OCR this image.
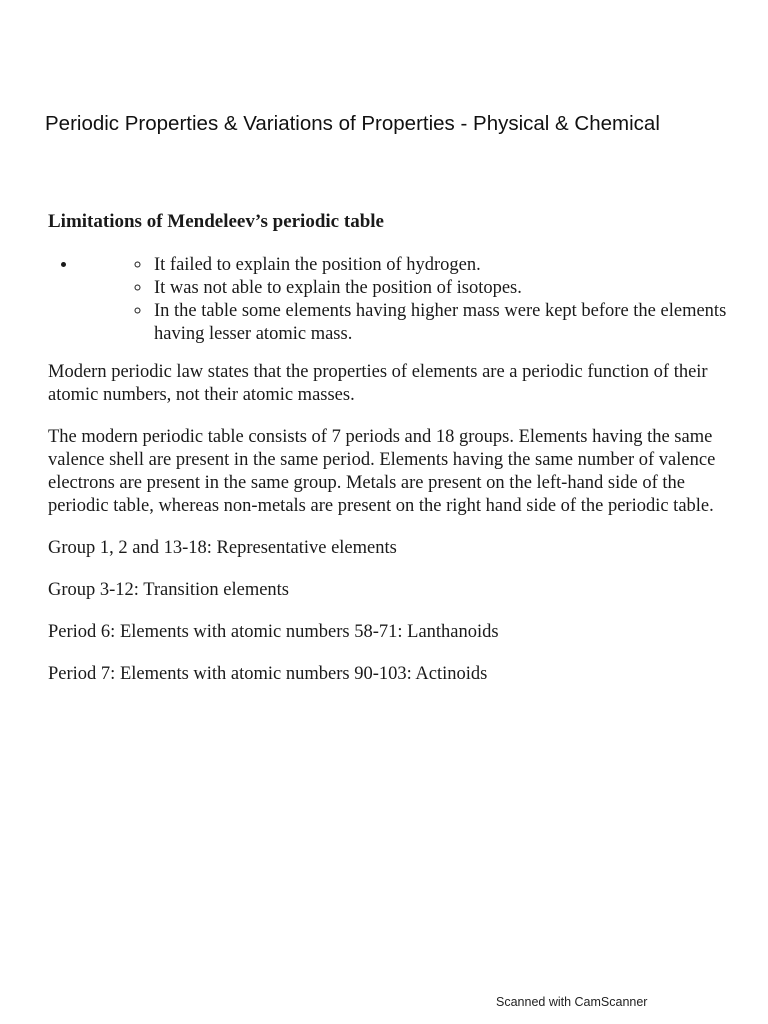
Periodic Properties & Variations of Properties - Physical & Chemical
Limitations of Mendeleev’s periodic table
◦ • It failed to explain the position of hydrogen.
◦ It was not able to explain the position of isotopes.
◦ In the table some elements having higher mass were kept before the elements having lesser atomic mass.

Modern periodic law states that the properties of elements are a periodic function of their atomic numbers, not their atomic masses.

The modern periodic table consists of 7 periods and 18 groups. Elements having the same valence shell are present in the same period. Elements having the same number of valence electrons are present in the same group. Metals are present on the left-hand side of the periodic table, whereas non-metals are present on the right hand side of the periodic table.

Group 1, 2 and 13-18: Representative elements

Group 3-12: Transition elements

Period 6: Elements with atomic numbers 58-71: Lanthanoids

Period 7: Elements with atomic numbers 90-103: Actinoids

Scanned with CamScanner
